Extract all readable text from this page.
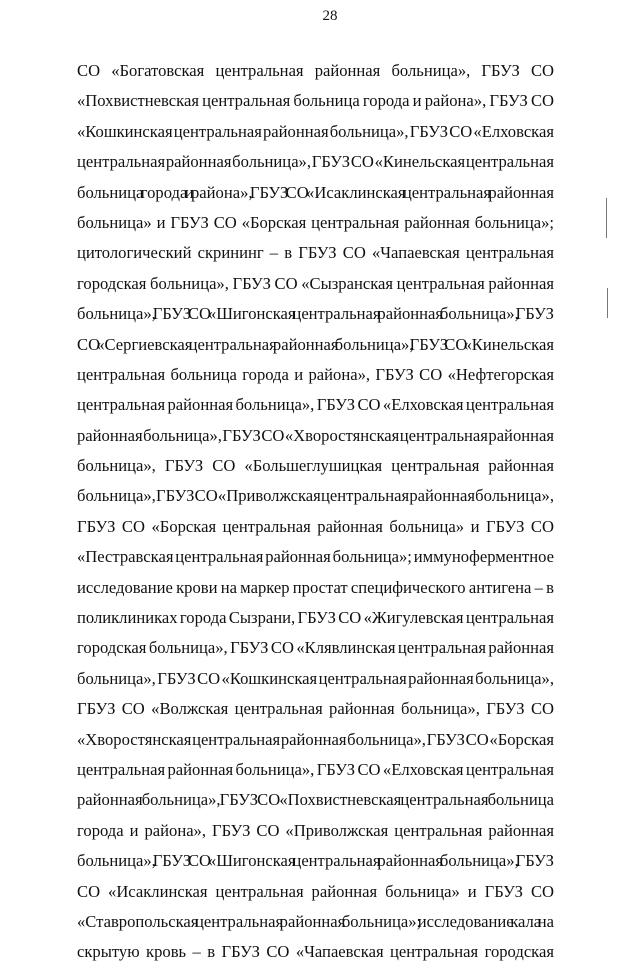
28
СО «Богатовская центральная районная больница», ГБУЗ СО
«Похвистневская центральная больница города и района», ГБУЗ СО
«Кошкинская центральная районная больница», ГБУЗ СО «Елховская
центральная районная больница», ГБУЗ СО «Кинельская центральная
больница города и района», ГБУЗ СО «Исаклинская центральная районная
больница» и ГБУЗ СО «Борская центральная районная больница»;
цитологический скрининг – в ГБУЗ СО «Чапаевская центральная
городская больница», ГБУЗ СО «Сызранская центральная районная
больница», ГБУЗ СО «Шигонская центральная районная больница», ГБУЗ
СО «Сергиевская центральная районная больница», ГБУЗ СО «Кинельская
центральная больница города и района», ГБУЗ СО «Нефтегорская
центральная районная больница», ГБУЗ СО «Елховская центральная
районная больница», ГБУЗ СО «Хворостянская центральная районная
больница», ГБУЗ СО «Большеглушицкая центральная районная
больница», ГБУЗ СО «Приволжская центральная районная больница»,
ГБУЗ СО «Борская центральная районная больница» и ГБУЗ СО
«Пестравская центральная районная больница»; иммуноферментное
исследование крови на маркер простат специфического антигена – в
поликлиниках города Сызрани, ГБУЗ СО «Жигулевская центральная
городская больница», ГБУЗ СО «Клявлинская центральная районная
больница», ГБУЗ СО «Кошкинская центральная районная больница»,
ГБУЗ СО «Волжская центральная районная больница», ГБУЗ СО
«Хворостянская центральная районная больница», ГБУЗ СО «Борская
центральная районная больница», ГБУЗ СО «Елховская центральная
районная больница», ГБУЗ СО «Похвистневская центральная больница
города и района», ГБУЗ СО «Приволжская центральная районная
больница», ГБУЗ СО «Шигонская центральная районная больница», ГБУЗ
СО «Исаклинская центральная районная больница» и ГБУЗ СО
«Ставропольская центральная районная больница»; исследование кала на
скрытую кровь – в ГБУЗ СО «Чапаевская центральная городская
